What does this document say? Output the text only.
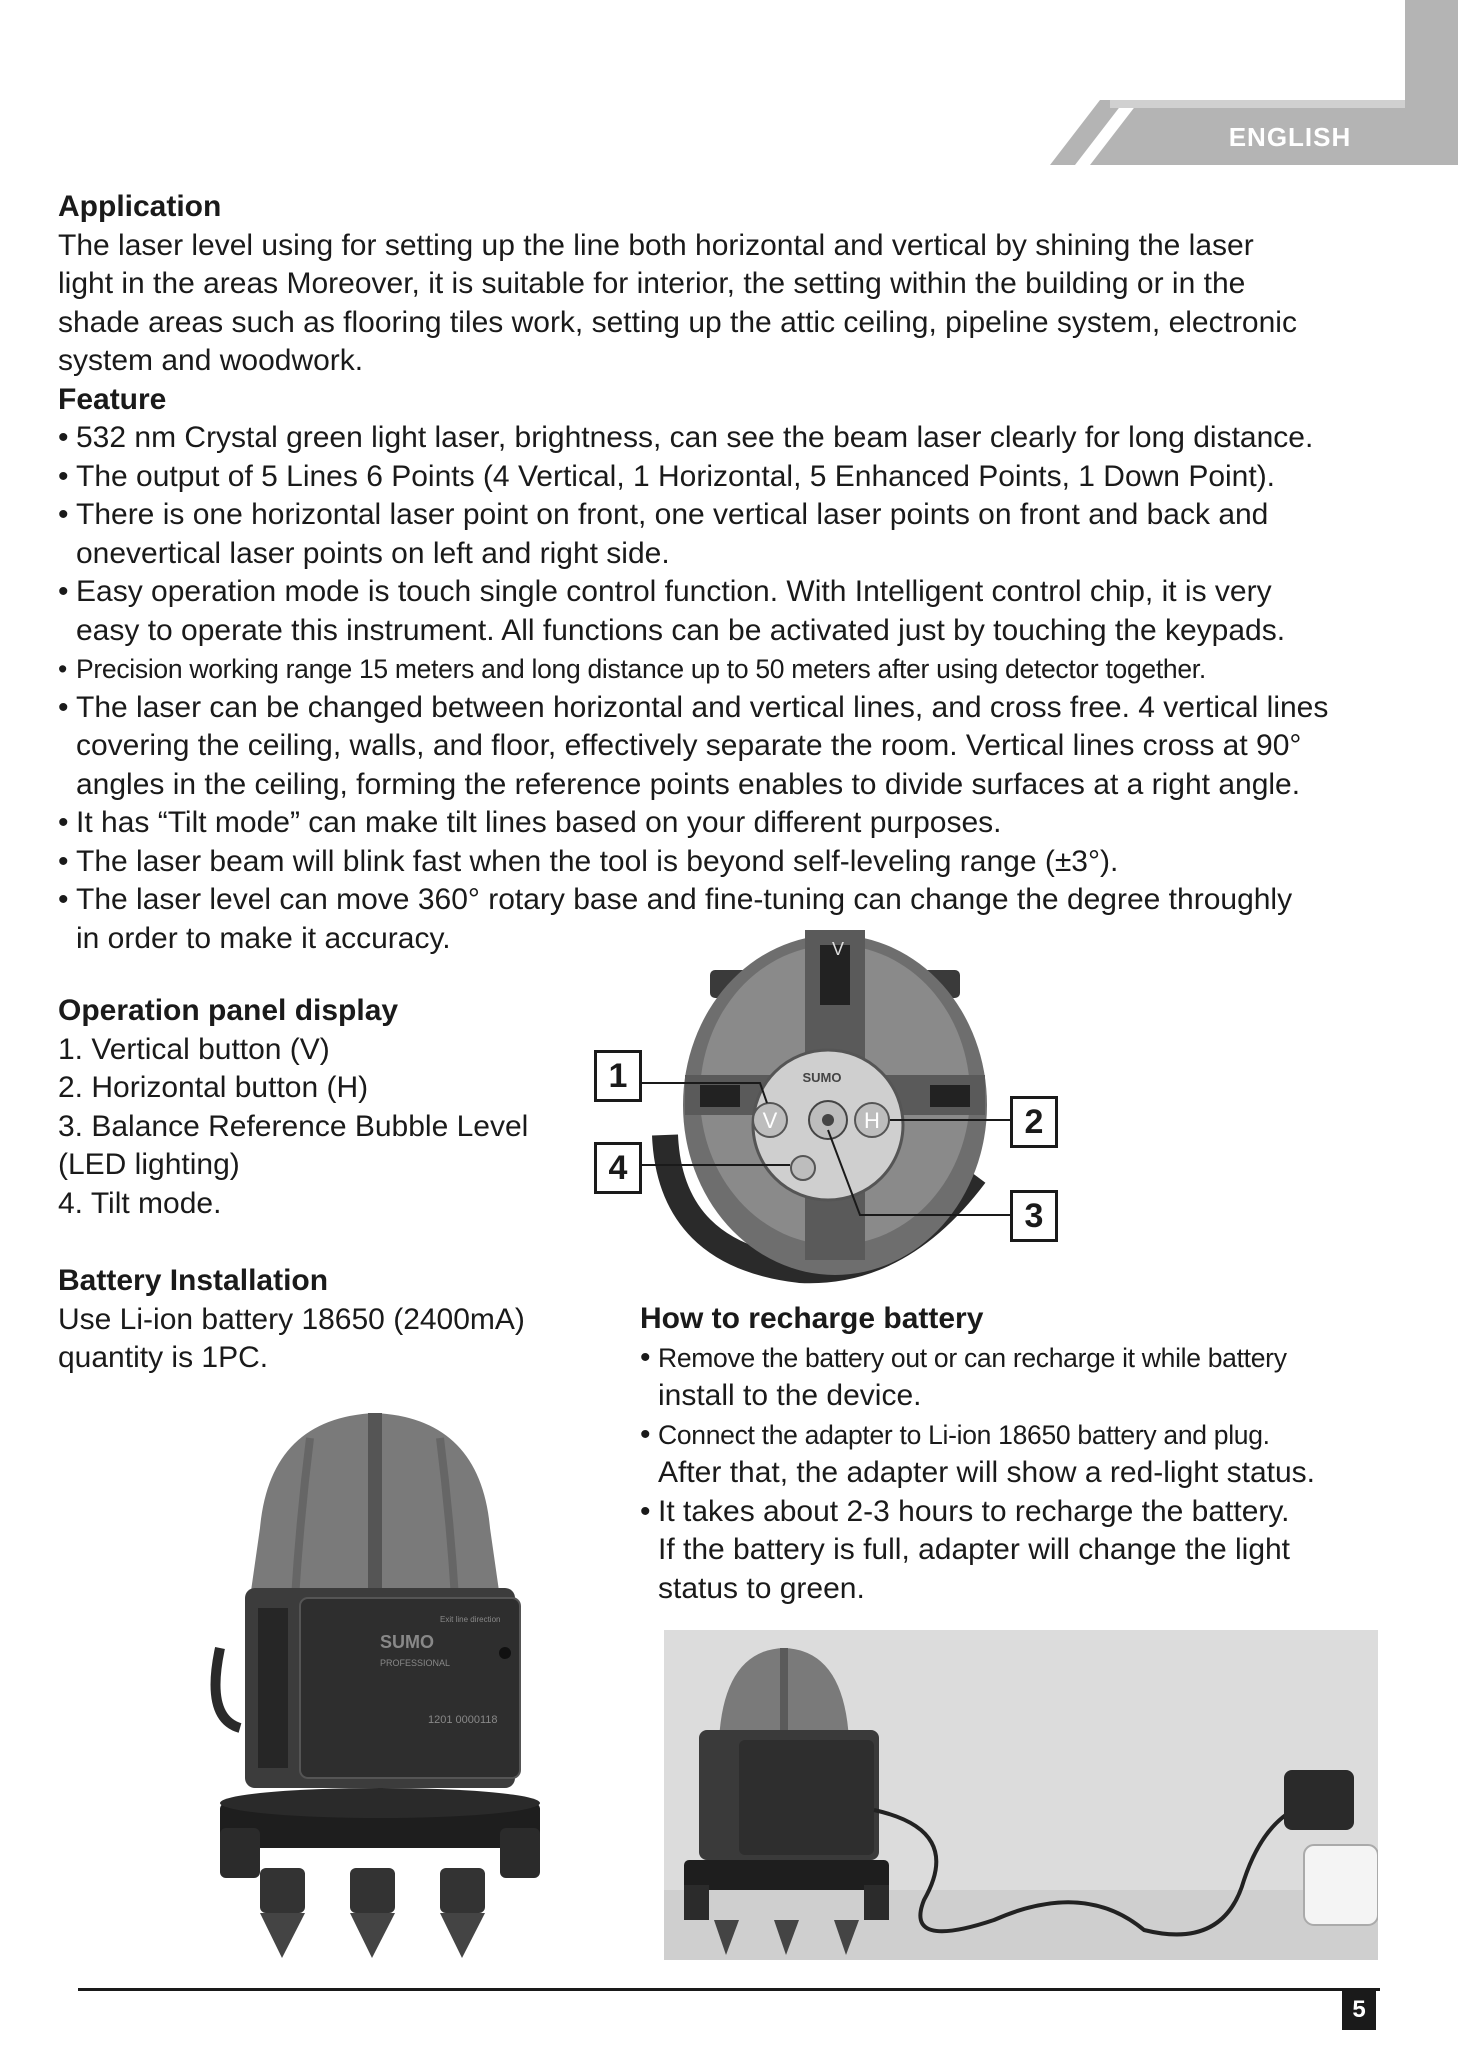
ENGLISH
Application

The laser level using for setting up the line both horizontal and vertical by shining the laser

light in the areas Moreover, it is suitable for interior, the setting within the building or in the

shade areas such as flooring tiles work, setting up the attic ceiling, pipeline system, electronic

system and woodwork.

Feature
• 532 nm Crystal green light laser, brightness, can see the beam laser clearly for long distance.
• The output of 5 Lines 6 Points (4 Vertical, 1 Horizontal, 5 Enhanced Points, 1 Down Point).
• There is one horizontal laser point on front, one vertical laser points on front and back and
onevertical laser points on left and right side.
• Easy operation mode is touch single control function. With Intelligent control chip, it is very
easy to operate this instrument. All functions can be activated just by touching the keypads.
• Precision working range 15 meters and long distance up to 50 meters after using detector together.
• The laser can be changed between horizontal and vertical lines, and cross free. 4 vertical lines
covering the ceiling, walls, and floor, effectively separate the room. Vertical lines cross at 90°
angles in the ceiling, forming the reference points enables to divide surfaces at a right angle.
• It has “Tilt mode” can make tilt lines based on your different purposes.
• The laser beam will blink fast when the tool is beyond self-leveling range (±3°).
• The laser level can move 360° rotary base and fine-tuning can change the degree throughly
in order to make it accuracy.
Operation panel display

1. Vertical button (V)

2. Horizontal button (H)

3. Balance Reference Bubble Level

(LED lighting)

4. Tilt mode.

V	H
V
SUMO
1
2
3
4
Battery Installation

Use Li-ion battery 18650 (2400mA)

quantity is 1PC.

SUMO
PROFESSIONAL
Exit line direction
1201 0000118
How to recharge battery
• Remove the battery out or can recharge it while battery
install to the device.
• Connect the adapter to Li-ion 18650 battery and plug.
After that, the adapter will show a red-light status.
• It takes about 2-3 hours to recharge the battery.
If the battery is full, adapter will change the light
status to green.
5
